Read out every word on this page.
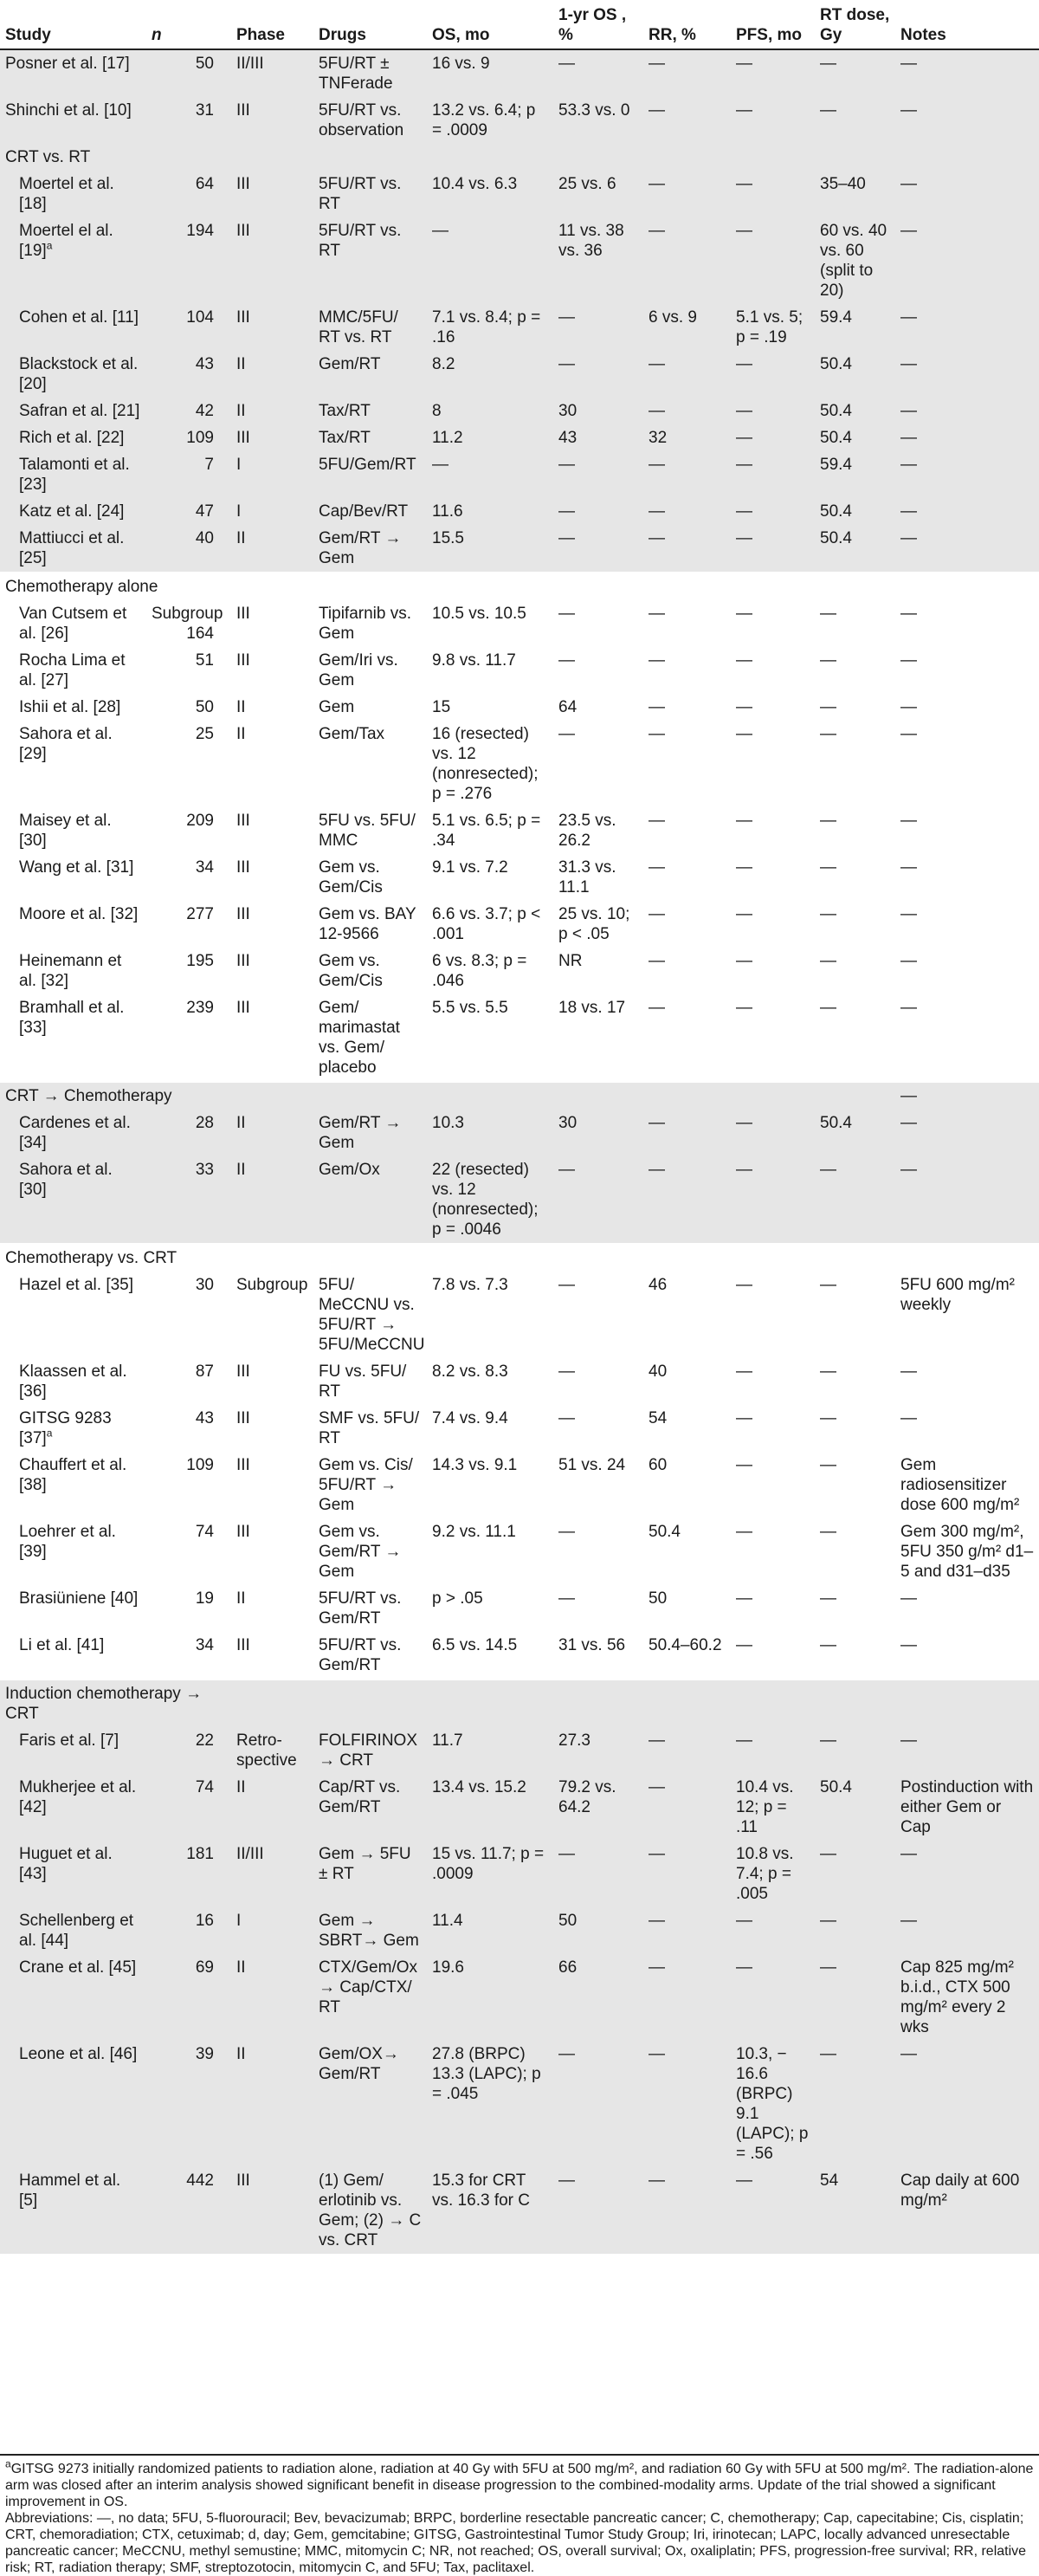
Study	n	Phase	Drugs	OS, mo	1-yr OS , %	RR, %	PFS, mo	RT dose, Gy	Notes
Posner et al. [17]	50	II/III	5FU/RT ± TNFerade	16 vs. 9	—	—	—	—	—
Shinchi et al. [10]	31	III	5FU/RT vs. observation	13.2 vs. 6.4; p = .0009	53.3 vs. 0	—	—	—	—
CRT vs. RT									
Moertel et al. [18]	64	III	5FU/RT vs. RT	10.4 vs. 6.3	25 vs. 6	—	—	35–40	—
Moertel el al. $[19]^a$	194	III	5FU/RT vs. RT	—	11 vs. 38 vs. 36	—	—	60 vs. 40 vs. 60 (split to 20)	—
Cohen et al. [11]	104	III	MMC/5FU/ RT vs. RT	7.1 vs. 8.4; p = .16	—	6 vs. 9	5.1 vs. 5; p = .19	59.4	—
Blackstock et al. [20]	43	II	Gem/RT	8.2	—	—	—	50.4	—
Safran et al. [21]	42	II	Tax/RT	8	30	—	—	50.4	—
Rich et al. [22]	109	III	Tax/RT	11.2	43	32	—	50.4	—
Talamonti et al. [23]	7	I	5FU/Gem/RT	—	—	—	—	59.4	—
Katz et al. [24]	47	I	Cap/Bev/RT	11.6	—	—	—	50.4	—
Mattiucci et al. [25]	40	II	Gem/RT → Gem	15.5	—	—	—	50.4	—
Chemotherapy alone									
Van Cutsem et al. [26]	Subgroup 164	III	Tipifarnib vs. Gem	10.5 vs. 10.5	—	—	—	—	—
Rocha Lima et al. [27]	51	III	Gem/Iri vs. Gem	9.8 vs. 11.7	—	—	—	—	—
Ishii et al. [28]	50	II	Gem	15	64	—	—	—	—
Sahora et al. [29]	25	II	Gem/Tax	16 (resected) vs. 12 (nonresected); p = .276	—	—	—	—	—
Maisey et al. [30]	209	III	5FU vs. 5FU/ MMC	5.1 vs. 6.5; p = .34	23.5 vs. 26.2	—	—	—	—
Wang et al. [31]	34	III	Gem vs. Gem/Cis	9.1 vs. 7.2	31.3 vs. 11.1	—	—	—	—
Moore et al. [32]	277	III	Gem vs. BAY 12-9566	6.6 vs. 3.7; p < .001	25 vs. 10; p < .05	—	—	—	—
Heinemann et al. [32]	195	III	Gem vs. Gem/Cis	6 vs. 8.3; p = .046	NR	—	—	—	—
Bramhall et al. [33]	239	III	Gem/ marimastat vs. Gem/ placebo	5.5 vs. 5.5	18 vs. 17	—	—	—	—
CRT → Chemotherapy									—
Cardenes et al. [34]	28	II	Gem/RT → Gem	10.3	30	—	—	50.4	—
Sahora et al. [30]	33	II	Gem/Ox	22 (resected) vs. 12 (nonresected); p = .0046	—	—	—	—	—
Chemotherapy vs. CRT									
Hazel et al. [35]	30	Subgroup	5FU/ MeCCNU vs. 5FU/RT → 5FU/MeCCNU	7.8 vs. 7.3	—	46	—	—	5FU 600 mg/m² weekly
Klaassen et al. [36]	87	III	FU vs. 5FU/ RT	8.2 vs. 8.3	—	40	—	—	—
GITSG 9283 $[37]^a$	43	III	SMF vs. 5FU/ RT	7.4 vs. 9.4	—	54	—	—	—
Chauffert et al. [38]	109	III	Gem vs. Cis/ 5FU/RT → Gem	14.3 vs. 9.1	51 vs. 24	60	—	—	Gem radiosensitizer dose 600 mg/m²
Loehrer et al. [39]	74	III	Gem vs. Gem/RT → Gem	9.2 vs. 11.1	—	50.4	—	—	Gem 300 mg/m², 5FU 350 g/m² d1–5 and d31–d35
Brasiüniene [40]	19	II	5FU/RT vs. Gem/RT	p > .05	—	50	—	—	—
Li et al. [41]	34	III	5FU/RT vs. Gem/RT	6.5 vs. 14.5	31 vs. 56	50.4–60.2	—	—	—
Induction chemotherapy → CRT									
Faris et al. [7]	22	Retro- spective	FOLFIRINOX → CRT	11.7	27.3	—	—	—	—
Mukherjee et al. [42]	74	II	Cap/RT vs. Gem/RT	13.4 vs. 15.2	79.2 vs. 64.2	—	10.4 vs. 12; p = .11	50.4	Postinduction with either Gem or Cap
Huguet et al. [43]	181	II/III	Gem → 5FU ± RT	15 vs. 11.7; p = .0009	—	—	10.8 vs. 7.4; p = .005	—	—
Schellenberg et al. [44]	16	I	Gem → SBRT→ Gem	11.4	50	—	—	—	—
Crane et al. [45]	69	II	CTX/Gem/Ox → Cap/CTX/ RT	19.6	66	—	—	—	Cap 825 mg/m² b.i.d., CTX 500 mg/m² every 2 wks
Leone et al. [46]	39	II	Gem/OX→ Gem/RT	27.8 (BRPC) 13.3 (LAPC); p = .045	—	—	10.3, − 16.6 (BRPC) 9.1 (LAPC); p = .56	—	—
Hammel et al. [5]	442	III	(1) Gem/ erlotinib vs. Gem; (2) → C vs. CRT	15.3 for CRT vs. 16.3 for C	—	—	—	54	Cap daily at 600 mg/m²

$^a$GITSG 9273 initially randomized patients to radiation alone, radiation at 40 Gy with 5FU at 500 mg/m², and radiation 60 Gy with 5FU at 500 mg/m². The radiation-alone arm was closed after an interim analysis showed significant benefit in disease progression to the combined-modality arms. Update of the trial showed a significant improvement in OS.

Abbreviations: —, no data; 5FU, 5-fluorouracil; Bev, bevacizumab; BRPC, borderline resectable pancreatic cancer; C, chemotherapy; Cap, capecitabine; Cis, cisplatin; CRT, chemoradiation; CTX, cetuximab; d, day; Gem, gemcitabine; GITSG, Gastrointestinal Tumor Study Group; Iri, irinotecan; LAPC, locally advanced unresectable pancreatic cancer; MeCCNU, methyl semustine; MMC, mitomycin C; NR, not reached; OS, overall survival; Ox, oxaliplatin; PFS, progression-free survival; RR, relative risk; RT, radiation therapy; SMF, streptozotocin, mitomycin C, and 5FU; Tax, paclitaxel.
